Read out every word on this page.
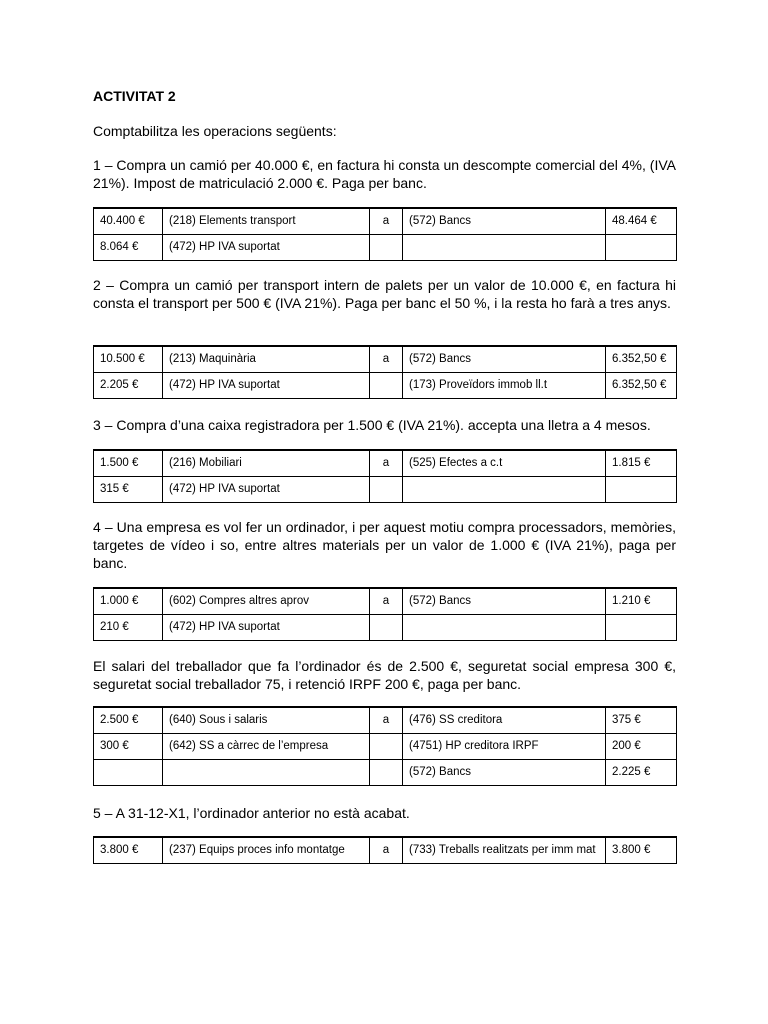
ACTIVITAT 2

Comptabilitza les operacions següents:

1 – Compra un camió per 40.000 €, en factura hi consta un descompte comercial del 4%, (IVA 21%). Impost de matriculació 2.000 €. Paga per banc.

40.400 €	(218) Elements transport	a	(572) Bancs	48.464 €
8.064 €	(472) HP IVA suportat			

2 – Compra un camió per transport intern de palets per un valor de 10.000 €, en factura hi consta el transport per 500 € (IVA 21%). Paga per banc el 50 %, i la resta ho farà a tres anys.

10.500 €	(213) Maquinària	a	(572) Bancs	6.352,50 €
2.205 €	(472) HP IVA suportat		(173) Proveïdors immob ll.t	6.352,50 €

3 – Compra d’una caixa registradora per 1.500 € (IVA 21%). accepta una lletra a 4 mesos.

1.500 €	(216) Mobiliari	a	(525) Efectes a c.t	1.815 €
315 €	(472) HP IVA suportat			

4 – Una empresa es vol fer un ordinador, i per aquest motiu compra processadors, memòries, targetes de vídeo i so, entre altres materials per un valor de 1.000 € (IVA 21%), paga per banc.

1.000 €	(602) Compres altres aprov	a	(572) Bancs	1.210 €
210 €	(472) HP IVA suportat			

El salari del treballador que fa l’ordinador és de 2.500 €, seguretat social empresa 300 €, seguretat social treballador 75, i retenció IRPF 200 €, paga per banc.

2.500 €	(640) Sous i salaris	a	(476) SS creditora	375 €
300 €	(642) SS a càrrec de l’empresa		(4751) HP creditora IRPF	200 €
			(572) Bancs	2.225 €

5 – A 31-12-X1, l’ordinador anterior no està acabat.

3.800 €	(237) Equips proces info montatge	a	(733) Treballs realitzats per imm mat	3.800 €
